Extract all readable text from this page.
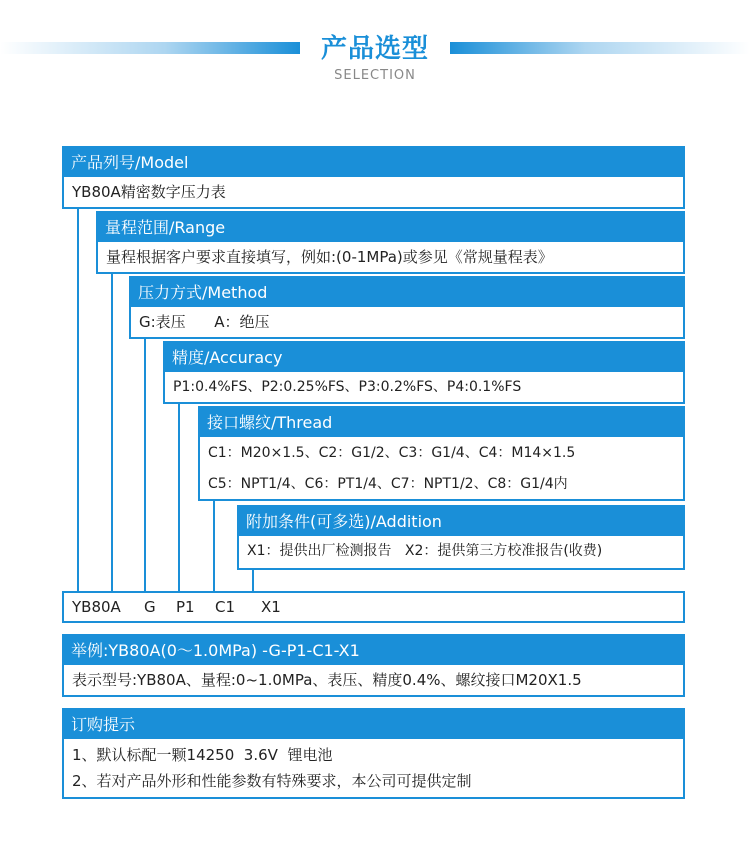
产品选型
SELECTION
产品列号/Model
YB80A精密数字压力表
量程范围/Range
量程根据客户要求直接填写，例如:(0-1MPa)或参见《常规量程表》
压力方式/Method
G:表压      A：绝压
精度/Accuracy
P1:0.4%FS、P2:0.25%FS、P3:0.2%FS、P4:0.1%FS
接口螺纹/Thread
C1：M20×1.5、C2：G1/2、C3：G1/4、C4：M14×1.5
C5：NPT1/4、C6：PT1/4、C7：NPT1/2、C8：G1/4内
附加条件(可多选)/Addition
X1：提供出厂检测报告   X2：提供第三方校准报告(收费)
YB80A G P1 C1 X1
举例:YB80A(0～1.0MPa) -G-P1-C1-X1
表示型号:YB80A、量程:0~1.0MPa、表压、精度0.4%、螺纹接口M20X1.5
订购提示
1、默认标配一颗14250  3.6V  锂电池
2、若对产品外形和性能参数有特殊要求，本公司可提供定制
